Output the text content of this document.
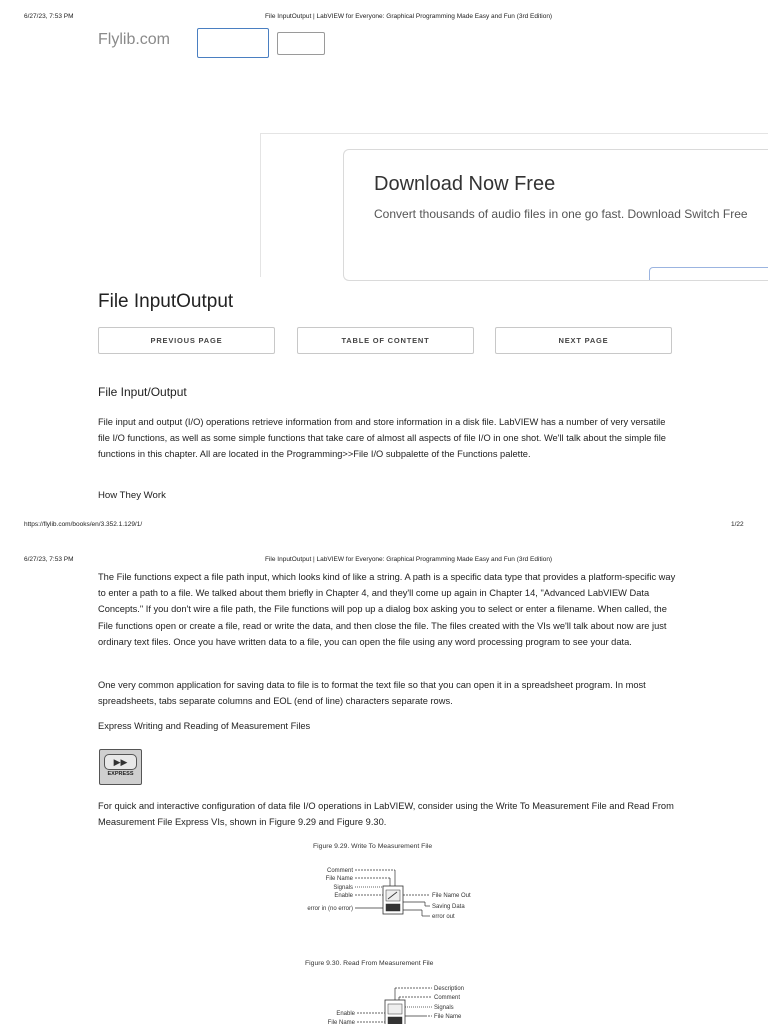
6/27/23, 7:53 PM	File InputOutput | LabVIEW for Everyone: Graphical Programming Made Easy and Fun (3rd Edition)
Flylib.com
Download Now Free
Convert thousands of audio files in one go fast. Download Switch Free
File InputOutput
PREVIOUS PAGE	TABLE OF CONTENT	NEXT PAGE
File Input/Output
File input and output (I/O) operations retrieve information from and store information in a disk file. LabVIEW has a number of very versatile file I/O functions, as well as some simple functions that take care of almost all aspects of file I/O in one shot. We'll talk about the simple file functions in this chapter. All are located in the Programming>>File I/O subpalette of the Functions palette.
How They Work
https://flylib.com/books/en/3.352.1.129/1/	1/22
6/27/23, 7:53 PM	File InputOutput | LabVIEW for Everyone: Graphical Programming Made Easy and Fun (3rd Edition)
The File functions expect a file path input, which looks kind of like a string. A path is a specific data type that provides a platform-specific way to enter a path to a file. We talked about them briefly in Chapter 4, and they'll come up again in Chapter 14, "Advanced LabVIEW Data Concepts." If you don't wire a file path, the File functions will pop up a dialog box asking you to select or enter a filename. When called, the File functions open or create a file, read or write the data, and then close the file. The files created with the VIs we'll talk about now are just ordinary text files. Once you have written data to a file, you can open the file using any word processing program to see your data.
One very common application for saving data to file is to format the text file so that you can open it in a spreadsheet program. In most spreadsheets, tabs separate columns and EOL (end of line) characters separate rows.
Express Writing and Reading of Measurement Files
▶▶
EXPRESS
For quick and interactive configuration of data file I/O operations in LabVIEW, consider using the Write To Measurement File and Read From Measurement File Express VIs, shown in Figure 9.29 and Figure 9.30.
Figure 9.29. Write To Measurement File
Comment
File Name
Signals
Enable
error in (no error)
File Name Out
Saving Data
error out
Figure 9.30. Read From Measurement File
Enable
File Name
Description
Comment
Signals
File Name
